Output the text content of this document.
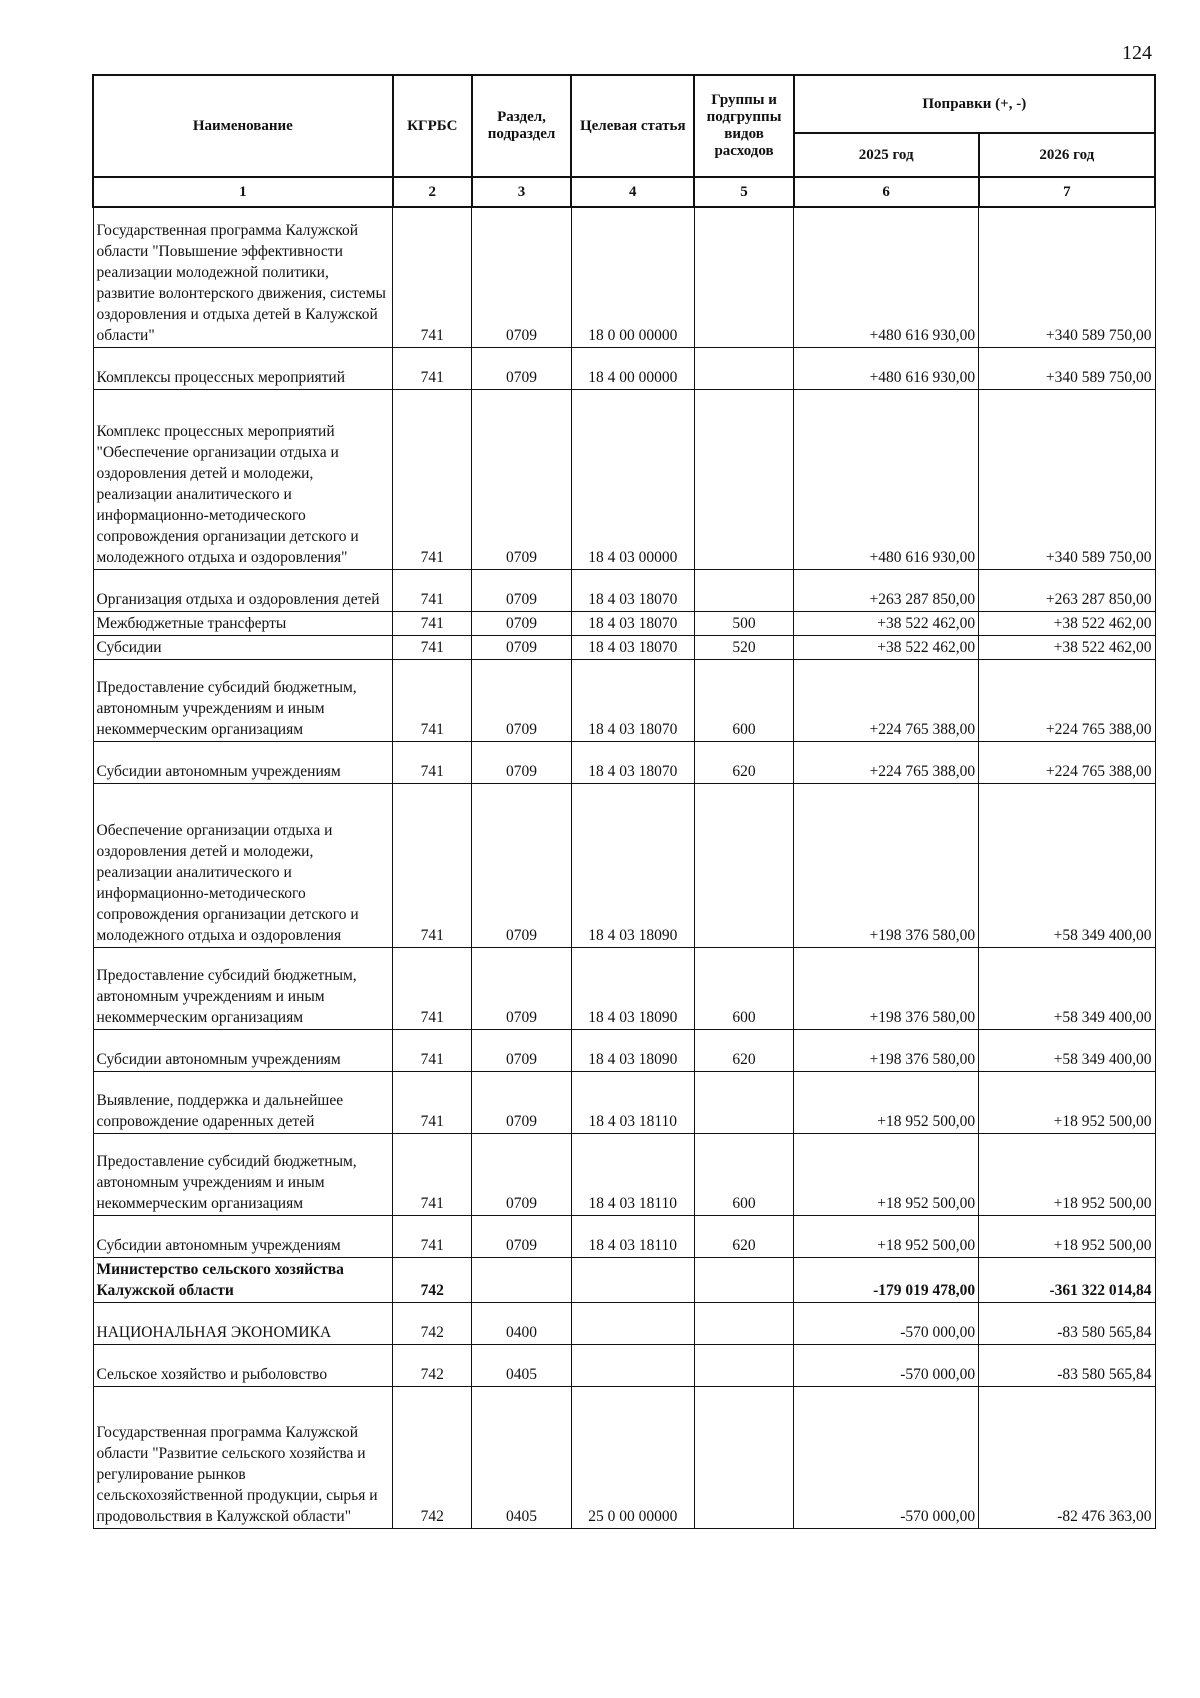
124
Наименование	КГРБС	Раздел, подраздел	Целевая статья	Группы и подгруппы видов расходов	Поправки (+, -)	
					2025 год	2026 год
1	2	3	4	5	6	7
Государственная программа Калужской области "Повышение эффективности реализации молодежной политики, развитие волонтерского движения, системы оздоровления и отдыха детей в Калужской области"	741	0709	18 0 00 00000		+480 616 930,00	+340 589 750,00
Комплексы процессных мероприятий	741	0709	18 4 00 00000		+480 616 930,00	+340 589 750,00
Комплекс процессных мероприятий "Обеспечение организации отдыха и оздоровления детей и молодежи, реализации аналитического и информационно-методического сопровождения организации детского и молодежного отдыха и оздоровления"	741	0709	18 4 03 00000		+480 616 930,00	+340 589 750,00
Организация отдыха и оздоровления детей	741	0709	18 4 03 18070		+263 287 850,00	+263 287 850,00
Межбюджетные трансферты	741	0709	18 4 03 18070	500	+38 522 462,00	+38 522 462,00
Субсидии	741	0709	18 4 03 18070	520	+38 522 462,00	+38 522 462,00
Предоставление субсидий бюджетным, автономным учреждениям и иным некоммерческим организациям	741	0709	18 4 03 18070	600	+224 765 388,00	+224 765 388,00
Субсидии автономным учреждениям	741	0709	18 4 03 18070	620	+224 765 388,00	+224 765 388,00
Обеспечение организации отдыха и оздоровления детей и молодежи, реализации аналитического и информационно-методического сопровождения организации детского и молодежного отдыха и оздоровления	741	0709	18 4 03 18090		+198 376 580,00	+58 349 400,00
Предоставление субсидий бюджетным, автономным учреждениям и иным некоммерческим организациям	741	0709	18 4 03 18090	600	+198 376 580,00	+58 349 400,00
Субсидии автономным учреждениям	741	0709	18 4 03 18090	620	+198 376 580,00	+58 349 400,00
Выявление, поддержка и дальнейшее сопровождение одаренных детей	741	0709	18 4 03 18110		+18 952 500,00	+18 952 500,00
Предоставление субсидий бюджетным, автономным учреждениям и иным некоммерческим организациям	741	0709	18 4 03 18110	600	+18 952 500,00	+18 952 500,00
Субсидии автономным учреждениям	741	0709	18 4 03 18110	620	+18 952 500,00	+18 952 500,00
Министерство сельского хозяйства Калужской области	742				-179 019 478,00	-361 322 014,84
НАЦИОНАЛЬНАЯ ЭКОНОМИКА	742	0400			-570 000,00	-83 580 565,84
Сельское хозяйство и рыболовство	742	0405			-570 000,00	-83 580 565,84
Государственная программа Калужской области "Развитие сельского хозяйства и регулирование рынков сельскохозяйственной продукции, сырья и продовольствия в Калужской области"	742	0405	25 0 00 00000		-570 000,00	-82 476 363,00
